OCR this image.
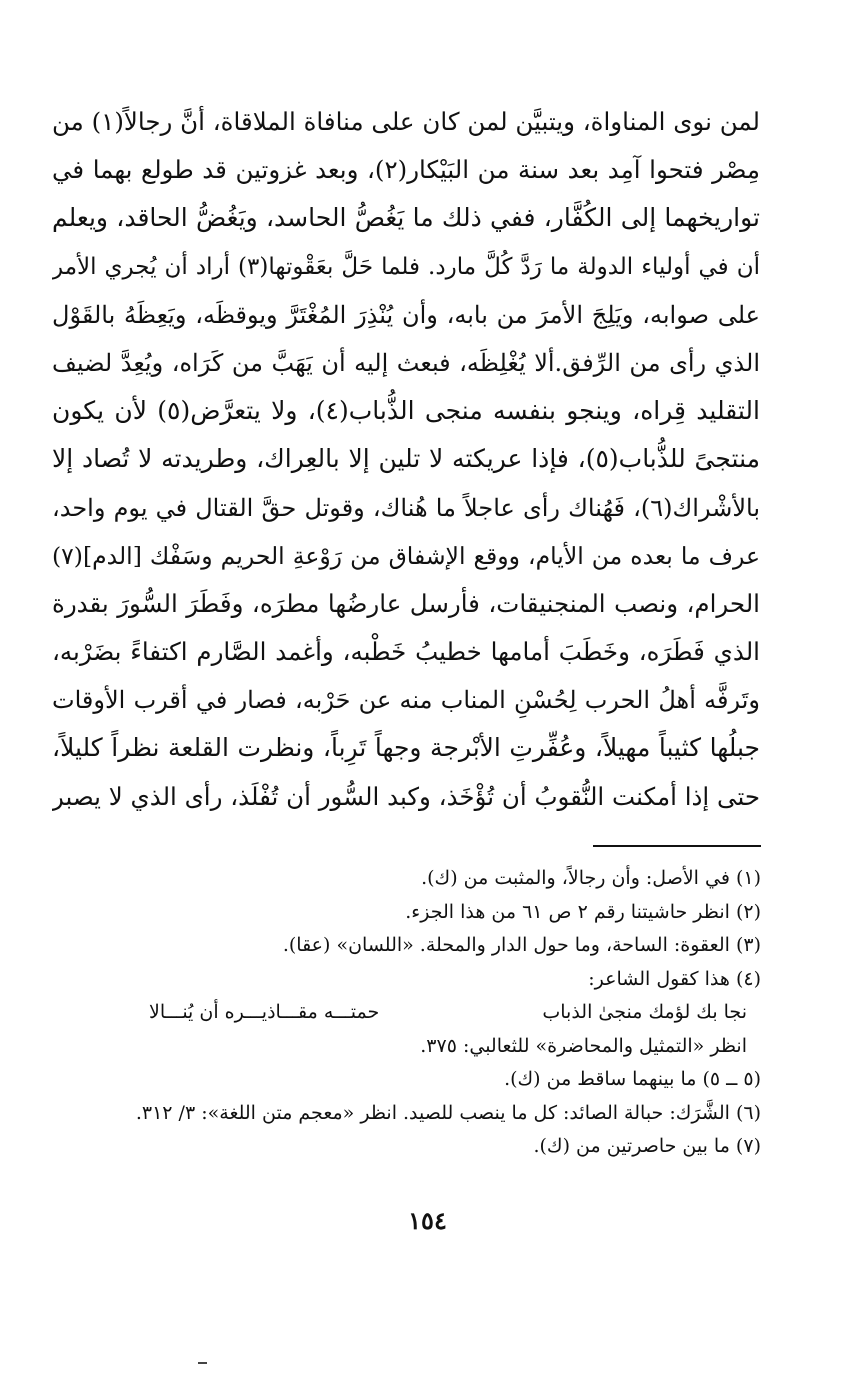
لمن نوى المناواة، ويتبيَّن لمن كان على منافاة الملاقاة، أنَّ رجالاً(١) من
مِصْر فتحوا آمِد بعد سنة من البَيْكار(٢)، وبعد غزوتين قد طولع بهما في
تواريخهما إلى الكُفَّار، ففي ذلك ما يَغُصُّ الحاسد، ويَغُضُّ الحاقد، ويعلم
أن في أولياء الدولة ما رَدَّ كُلَّ مارد. فلما حَلَّ بعَقْوتها(٣) أراد أن يُجري الأمر
على صوابه، ويَلِجَ الأمرَ من بابه، وأن يُنْذِرَ المُغْتَرَّ ويوقظَه، ويَعِظَهُ بالقَوْل
الذي رأى من الرِّفق.ألا يُغْلِظَه، فبعث إليه أن يَهَبَّ من كَرَاه، ويُعِدَّ لضيف
التقليد قِراه، وينجو بنفسه منجى الذُّباب(٤)، ولا يتعرَّض(٥) لأن يكون
منتجىً للذُّباب(٥)، فإذا عريكته لا تلين إلا بالعِراك، وطريدته لا تُصاد إلا
بالأشْراك(٦)، فَهُناك رأى عاجلاً ما هُناك، وقوتل حقَّ القتال في يوم واحد،
عرف ما بعده من الأيام، ووقع الإشفاق من رَوْعةِ الحريم وسَفْك [الدم](٧)
الحرام، ونصب المنجنيقات، فأرسل عارضُها مطرَه، وفَطَرَ السُّورَ بقدرة
الذي فَطَرَه، وخَطَبَ أمامها خطيبُ خَطْبه، وأغمد الصَّارم اكتفاءً بضَرْبه،
وتَرفَّه أهلُ الحرب لِحُسْنِ المناب منه عن حَرْبه، فصار في أقرب الأوقات
جبلُها كثيباً مهيلاً، وعُفِّرتِ الأبْرجة وجهاً تَرِباً، ونظرت القلعة نظراً كليلاً،
حتى إذا أمكنت النُّقوبُ أن تُؤْخَذ، وكبد السُّور أن تُفْلَذ، رأى الذي لا يصبر
(١) في الأصل: وأن رجالاً، والمثبت من (ك).
(٢) انظر حاشيتنا رقم ٢ ص ٦١ من هذا الجزء.
(٣) العقوة: الساحة، وما حول الدار والمحلة. «اللسان» (عقا).
(٤) هذا كقول الشاعر:
نجا بك لؤمك منجىٰ الذباب
حمتـــه مقـــاذيـــره أن يُنـــالا
انظر «التمثيل والمحاضرة» للثعالبي: ٣٧٥.
(٥ ــ ٥) ما بينهما ساقط من (ك).
(٦) الشَّرَك: حبالة الصائد: كل ما ينصب للصيد. انظر «معجم متن اللغة»: ٣/ ٣١٢.
(٧) ما بين حاصرتين من (ك).
١٥٤
